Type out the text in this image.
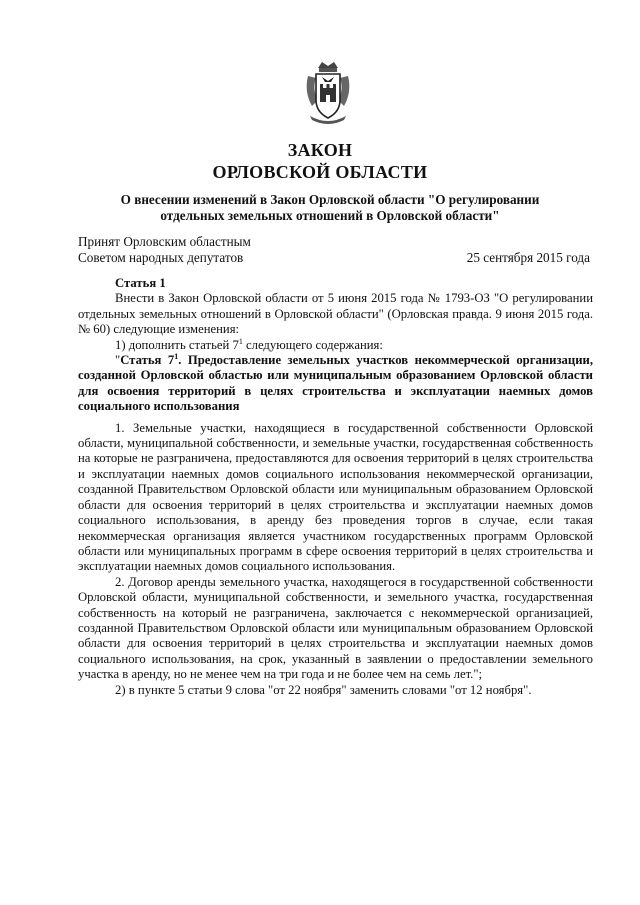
ЗАКОН
ОРЛОВСКОЙ ОБЛАСТИ
О внесении изменений в Закон Орловской области "О регулировании отдельных земельных отношений в Орловской области"
Принят Орловским областным
Советом народных депутатов	25 сентября 2015 года

Статья 1

Внести в Закон Орловской области от 5 июня 2015 года № 1793-ОЗ "О регулировании отдельных земельных отношений в Орловской области" (Орловская правда. 9 июня 2015 года. № 60) следующие изменения:

1) дополнить статьей $7^1$ следующего содержания:

"Статья $7^1$. Предоставление земельных участков некоммерческой организации, созданной Орловской областью или муниципальным образованием Орловской области для освоения территорий в целях строительства и эксплуатации наемных домов социального использования

1. Земельные участки, находящиеся в государственной собственности Орловской области, муниципальной собственности, и земельные участки, государственная собственность на которые не разграничена, предоставляются для освоения территорий в целях строительства и эксплуатации наемных домов социального использования некоммерческой организации, созданной Правительством Орловской области или муниципальным образованием Орловской области для освоения территорий в целях строительства и эксплуатации наемных домов социального использования, в аренду без проведения торгов в случае, если такая некоммерческая организация является участником государственных программ Орловской области или муниципальных программ в сфере освоения территорий в целях строительства и эксплуатации наемных домов социального использования.

2. Договор аренды земельного участка, находящегося в государственной собственности Орловской области, муниципальной собственности, и земельного участка, государственная собственность на который не разграничена, заключается с некоммерческой организацией, созданной Правительством Орловской области или муниципальным образованием Орловской области для освоения территорий в целях строительства и эксплуатации наемных домов социального использования, на срок, указанный в заявлении о предоставлении земельного участка в аренду, но не менее чем на три года и не более чем на семь лет.";

2) в пункте 5 статьи 9 слова "от 22 ноября" заменить словами "от 12 ноября".
